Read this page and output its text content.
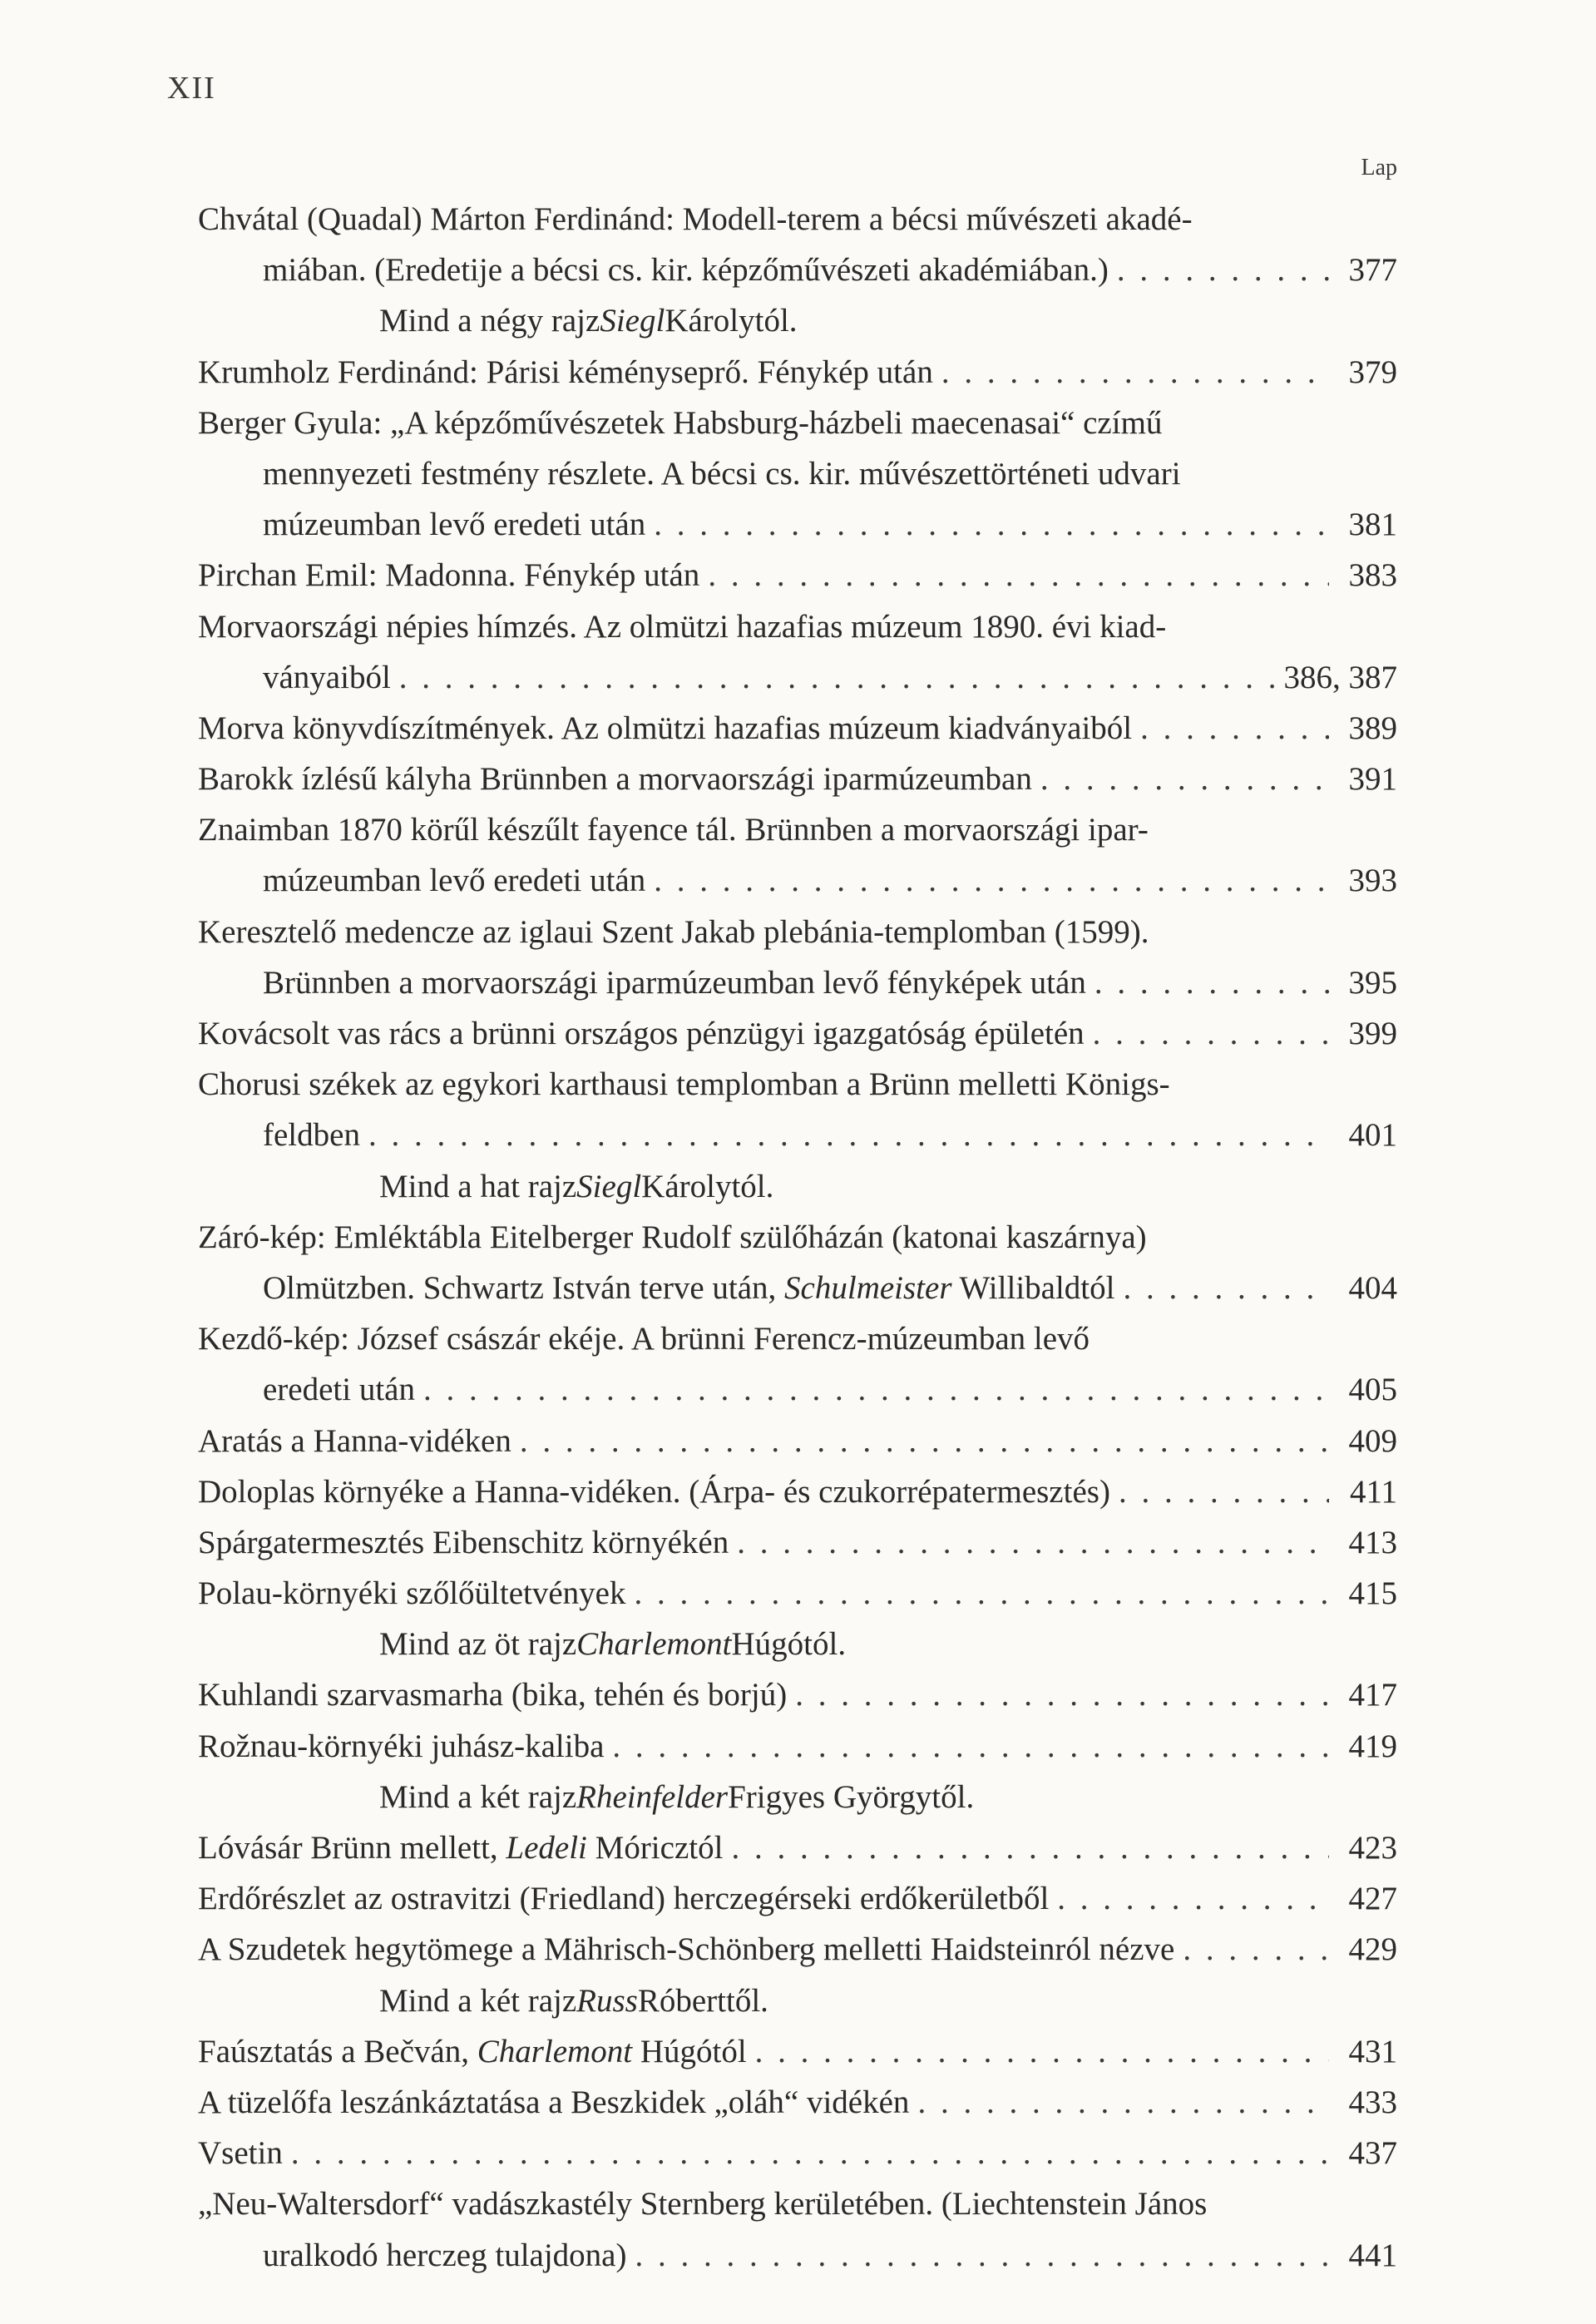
XII
Lap
Chvátal (Quadal) Márton Ferdinánd: Modell-terem a bécsi művészeti akadé-
miában. (Eredetije a bécsi cs. kir. képzőművészeti akadémiában.) . . .	377
Mind a négy rajz Siegl Károlytól.
Krumholz Ferdinánd: Párisi kéményseprő. Fénykép után . . .	379
Berger Gyula: „A képzőművészetek Habsburg-házbeli maecenasai“ czímű
mennyezeti festmény részlete. A bécsi cs. kir. művészettörténeti udvari
múzeumban levő eredeti után . . .	381
Pirchan Emil: Madonna. Fénykép után . . .	383
Morvaországi népies hímzés. Az olmützi hazafias múzeum 1890. évi kiad-
ványaiból . . .	386, 387
Morva könyvdíszítmények. Az olmützi hazafias múzeum kiadványaiból . . .	389
Barokk ízlésű kályha Brünnben a morvaországi iparmúzeumban . . .	391
Znaimban 1870 körűl készűlt fayence tál. Brünnben a morvaországi ipar-
múzeumban levő eredeti után . . .	393
Keresztelő medencze az iglaui Szent Jakab plebánia-templomban (1599).
Brünnben a morvaországi iparmúzeumban levő fényképek után . . .	395
Kovácsolt vas rács a brünni országos pénzügyi igazgatóság épületén . . .	399
Chorusi székek az egykori karthausi templomban a Brünn melletti Königs-
feldben . . .	401
Mind a hat rajz Siegl Károlytól.
Záró-kép: Emléktábla Eitelberger Rudolf szülőházán (katonai kaszárnya)
Olmützben. Schwartz István terve után, Schulmeister Willibaldtól . . .	404
Kezdő-kép: József császár ekéje. A brünni Ferencz-múzeumban levő
eredeti után . . .	405
Aratás a Hanna-vidéken . . .	409
Doloplas környéke a Hanna-vidéken. (Árpa- és czukorrépatermesztés) . . .	411
Spárgatermesztés Eibenschitz környékén . . .	413
Polau-környéki szőlőültetvények . . .	415
Mind az öt rajz Charlemont Húgótól.
Kuhlandi szarvasmarha (bika, tehén és borjú) . . .	417
Rožnau-környéki juhász-kaliba . . .	419
Mind a két rajz Rheinfelder Frigyes Györgytől.
Lóvásár Brünn mellett, Ledeli Móricztól . . .	423
Erdőrészlet az ostravitzi (Friedland) herczegérseki erdőkerületből . . .	427
A Szudetek hegytömege a Mährisch-Schönberg melletti Haidsteinról nézve . . .	429
Mind a két rajz Russ Róberttől.
Faúsztatás a Bečván, Charlemont Húgótól . . .	431
A tüzelőfa leszánkáztatása a Beszkidek „oláh“ vidékén . . .	433
Vsetin . . .	437
„Neu-Waltersdorf“ vadászkastély Sternberg kerületében. (Liechtenstein János
uralkodó herczeg tulajdona) . . .	441
